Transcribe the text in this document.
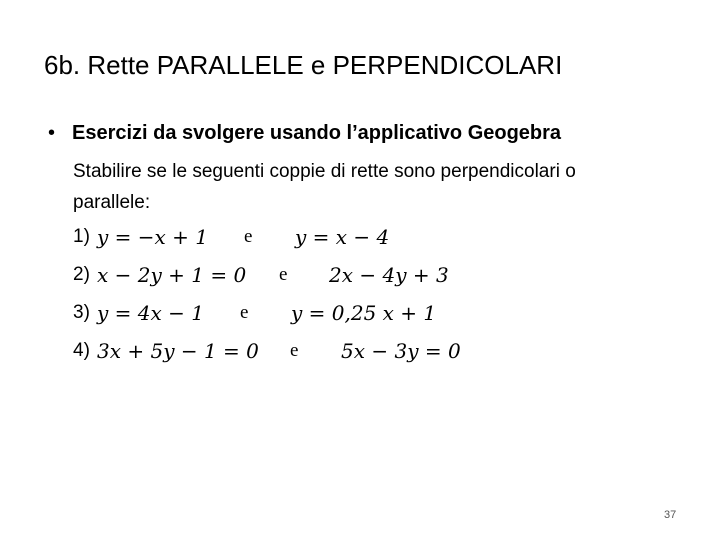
6b. Rette PARALLELE e PERPENDICOLARI
• Esercizi da svolgere usando l’applicativo Geogebra

Stabilire se le seguenti coppie di rette sono perpendicolari o

parallele:

1) y = −x + 1 e y = x − 4
2) x − 2y + 1 = 0 e 2x − 4y + 3
3) y = 4x − 1 e y = 0,25 x + 1
4) 3x + 5y − 1 = 0 e 5x − 3y = 0
37
